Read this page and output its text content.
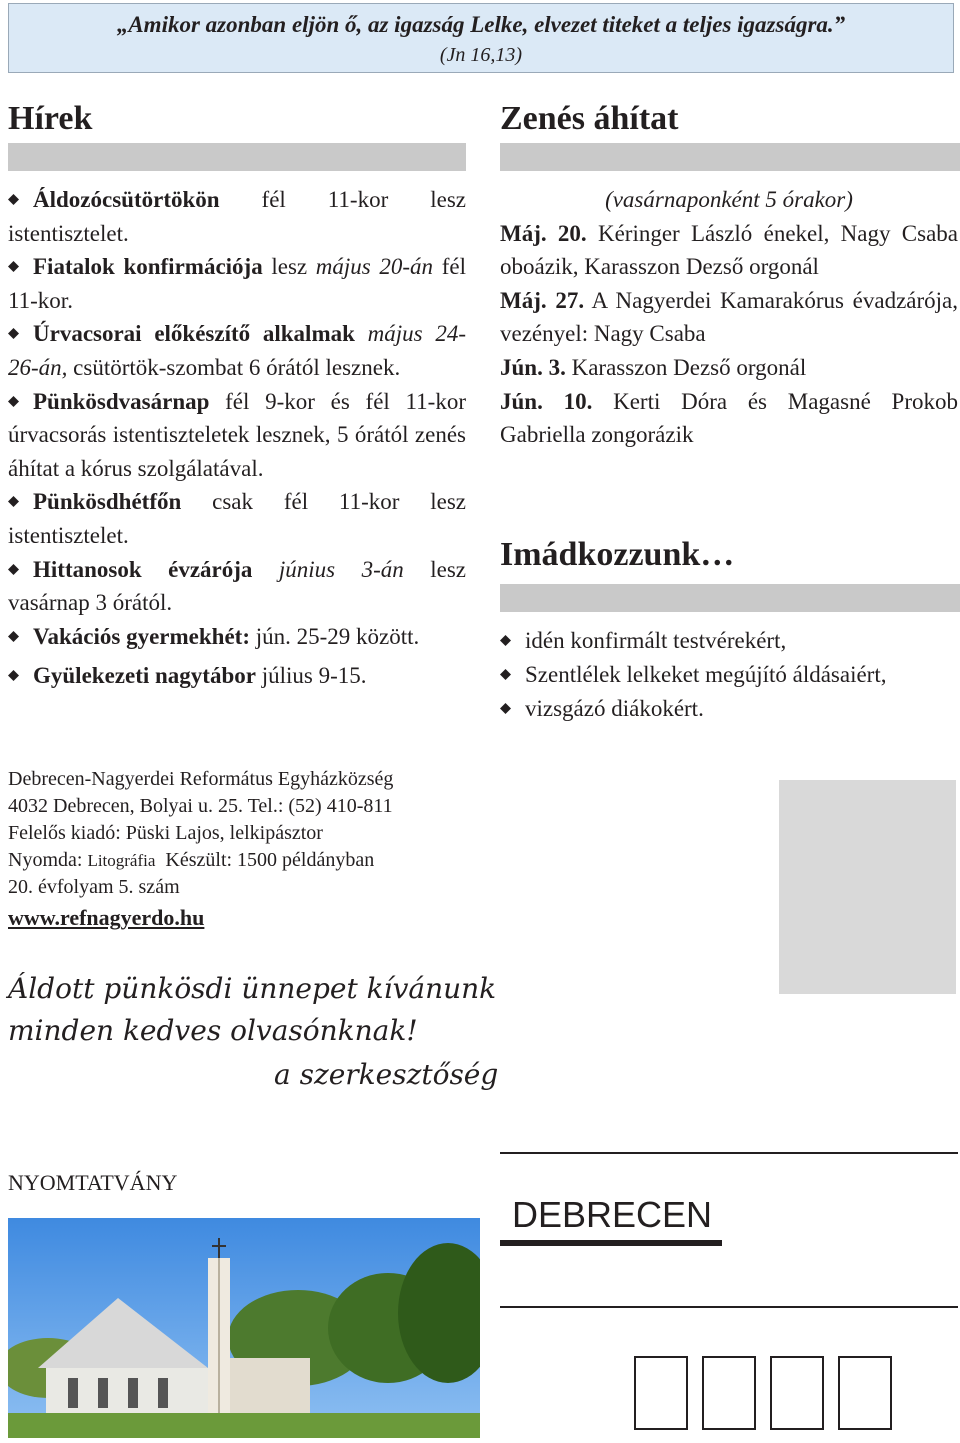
„Amikor azonban eljön ő, az igazság Lelke, elvezet titeket a teljes igazságra.”
(Jn 16,13)
Hírek

Áldozócsütörtökön fél 11-kor lesz istentisztelet.

Fiatalok konfirmációja lesz május 20-án fél 11-kor.

Úrvacsorai előkészítő alkalmak május 24-26-án, csütörtök-szombat 6 órától lesznek.

Pünkösdvasárnap fél 9-kor és fél 11-kor úrvacsorás istentiszteletek lesznek, 5 órától zenés áhítat a kórus szolgálatával.

Pünkösdhétfőn csak fél 11-kor lesz istentisztelet.

Hittanosok évzárója június 3-án lesz vasárnap 3 órától.

Vakációs gyermekhét: jún. 25-29 között.

Gyülekezeti nagytábor július 9-15.

Zenés áhítat

(vasárnaponként 5 órakor)

Máj. 20. Kéringer László énekel, Nagy Csaba oboázik, Karasszon Dezső orgonál

Máj. 27. A Nagyerdei Kamarakórus évadzárója, vezényel: Nagy Csaba

Jún. 3. Karasszon Dezső orgonál

Jún. 10. Kerti Dóra és Magasné Prokob Gabriella zongorázik

Imádkozzunk…

idén konfirmált testvérekért,

Szentlélek lelkeket megújító áldásaiért,

vizsgázó diákokért.

Debrecen-Nagyerdei Református Egyházközség
4032 Debrecen, Bolyai u. 25. Tel.: (52) 410-811
Felelős kiadó: Püski Lajos, lelkipásztor
Nyomda: Litográfia  Készült: 1500 példányban
20. évfolyam 5. szám
www.refnagyerdo.hu
Áldott pünkösdi ünnepet kívánunk
minden kedves olvasónknak!
a szerkesztőség
NYOMTATVÁNY
DEBRECEN
